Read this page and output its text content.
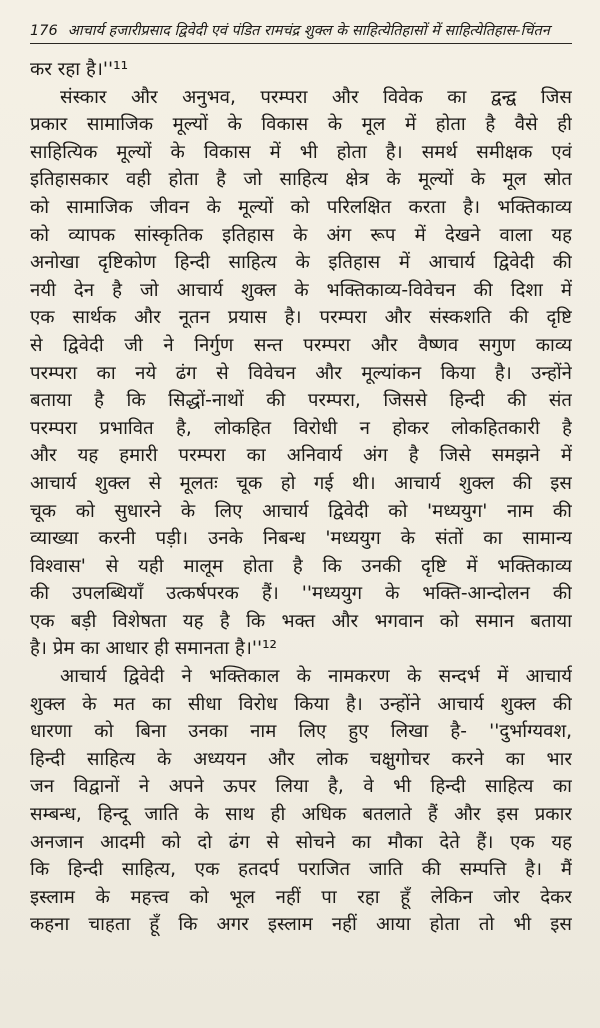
176 आचार्य हजारीप्रसाद द्विवेदी एवं पंडित रामचंद्र शुक्ल के साहित्येतिहासों में साहित्येतिहास-चिंतन
कर रहा है।''¹¹
संस्कार और अनुभव, परम्परा और विवेक का द्वन्द्व जिस
प्रकार सामाजिक मूल्यों के विकास के मूल में होता है वैसे ही
साहित्यिक मूल्यों के विकास में भी होता है। समर्थ समीक्षक एवं
इतिहासकार वही होता है जो साहित्य क्षेत्र के मूल्यों के मूल स्रोत
को सामाजिक जीवन के मूल्यों को परिलक्षित करता है। भक्तिकाव्य
को व्यापक सांस्कृतिक इतिहास के अंग रूप में देखने वाला यह
अनोखा दृष्टिकोण हिन्दी साहित्य के इतिहास में आचार्य द्विवेदी की
नयी देन है जो आचार्य शुक्ल के भक्तिकाव्य-विवेचन की दिशा में
एक सार्थक और नूतन प्रयास है। परम्परा और संस्कशति की दृष्टि
से द्विवेदी जी ने निर्गुण सन्त परम्परा और वैष्णव सगुण काव्य
परम्परा का नये ढंग से विवेचन और मूल्यांकन किया है। उन्होंने
बताया है कि सिद्धों-नाथों की परम्परा, जिससे हिन्दी की संत
परम्परा प्रभावित है, लोकहित विरोधी न होकर लोकहितकारी है
और यह हमारी परम्परा का अनिवार्य अंग है जिसे समझने में
आचार्य शुक्ल से मूलतः चूक हो गई थी। आचार्य शुक्ल की इस
चूक को सुधारने के लिए आचार्य द्विवेदी को 'मध्ययुग' नाम की
व्याख्या करनी पड़ी। उनके निबन्ध 'मध्ययुग के संतों का सामान्य
विश्वास' से यही मालूम होता है कि उनकी दृष्टि में भक्तिकाव्य
की उपलब्धियाँ उत्कर्षपरक हैं। ''मध्ययुग के भक्ति-आन्दोलन की
एक बड़ी विशेषता यह है कि भक्त और भगवान को समान बताया
है। प्रेम का आधार ही समानता है।''¹²
आचार्य द्विवेदी ने भक्तिकाल के नामकरण के सन्दर्भ में आचार्य
शुक्ल के मत का सीधा विरोध किया है। उन्होंने आचार्य शुक्ल की
धारणा को बिना उनका नाम लिए हुए लिखा है- ''दुर्भाग्यवश,
हिन्दी साहित्य के अध्ययन और लोक चक्षुगोचर करने का भार
जन विद्वानों ने अपने ऊपर लिया है, वे भी हिन्दी साहित्य का
सम्बन्ध, हिन्दू जाति के साथ ही अधिक बतलाते हैं और इस प्रकार
अनजान आदमी को दो ढंग से सोचने का मौका देते हैं। एक यह
कि हिन्दी साहित्य, एक हतदर्प पराजित जाति की सम्पत्ति है। मैं
इस्लाम के महत्त्व को भूल नहीं पा रहा हूँ लेकिन जोर देकर
कहना चाहता हूँ कि अगर इस्लाम नहीं आया होता तो भी इस
